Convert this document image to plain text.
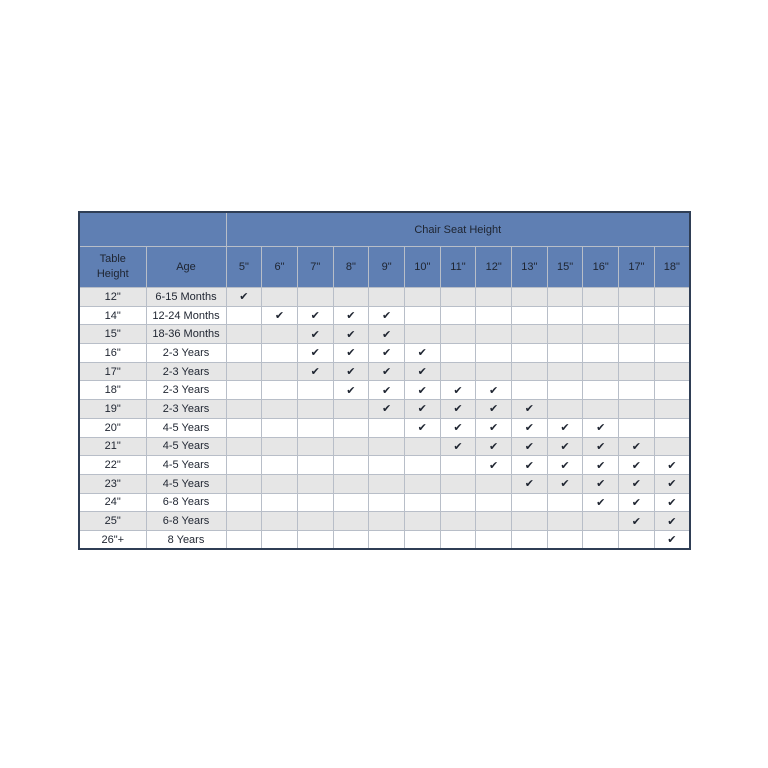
		Chair Seat Height												
Table
Height	Age	5"	6"	7"	8"	9"	10"	11"	12"	13"	15"	16"	17"	18"
12"	6-15 Months	✔												
14"	12-24 Months		✔	✔	✔	✔								
15"	18-36 Months			✔	✔	✔								
16"	2-3 Years			✔	✔	✔	✔							
17"	2-3 Years			✔	✔	✔	✔							
18"	2-3 Years				✔	✔	✔	✔	✔					
19"	2-3 Years					✔	✔	✔	✔	✔				
20"	4-5 Years						✔	✔	✔	✔	✔	✔		
21"	4-5 Years							✔	✔	✔	✔	✔	✔	
22"	4-5 Years								✔	✔	✔	✔	✔	✔
23"	4-5 Years									✔	✔	✔	✔	✔
24"	6-8 Years											✔	✔	✔
25"	6-8 Years												✔	✔
26"+	8 Years													✔
